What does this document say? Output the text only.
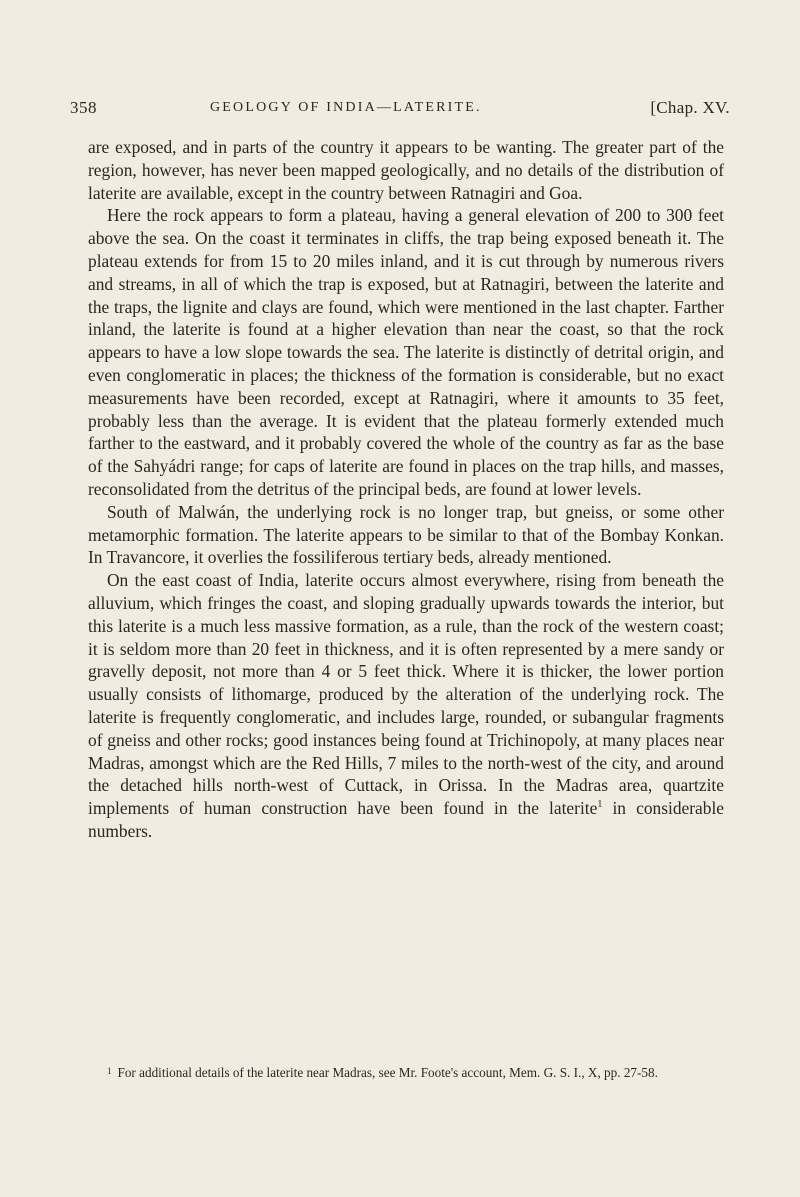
358	GEOLOGY OF INDIA—LATERITE.	[Chap. XV.

are exposed, and in parts of the country it appears to be wanting. The greater part of the region, however, has never been mapped geologically, and no details of the distribution of laterite are available, except in the country between Ratnagiri and Goa.

Here the rock appears to form a plateau, having a general elevation of 200 to 300 feet above the sea. On the coast it terminates in cliffs, the trap being exposed beneath it. The plateau extends for from 15 to 20 miles inland, and it is cut through by numerous rivers and streams, in all of which the trap is exposed, but at Ratnagiri, between the laterite and the traps, the lignite and clays are found, which were mentioned in the last chapter. Farther inland, the laterite is found at a higher elevation than near the coast, so that the rock appears to have a low slope towards the sea. The laterite is distinctly of detrital origin, and even conglomeratic in places; the thickness of the formation is considerable, but no exact measurements have been recorded, except at Ratnagiri, where it amounts to 35 feet, probably less than the average. It is evident that the plateau formerly extended much farther to the eastward, and it probably covered the whole of the country as far as the base of the Sahyádri range; for caps of laterite are found in places on the trap hills, and masses, reconsolidated from the detritus of the principal beds, are found at lower levels.

South of Malwán, the underlying rock is no longer trap, but gneiss, or some other metamorphic formation. The laterite appears to be similar to that of the Bombay Konkan. In Travancore, it overlies the fossiliferous tertiary beds, already mentioned.

On the east coast of India, laterite occurs almost everywhere, rising from beneath the alluvium, which fringes the coast, and sloping gradually upwards towards the interior, but this laterite is a much less massive formation, as a rule, than the rock of the western coast; it is seldom more than 20 feet in thickness, and it is often represented by a mere sandy or gravelly deposit, not more than 4 or 5 feet thick. Where it is thicker, the lower portion usually consists of lithomarge, produced by the alteration of the underlying rock. The laterite is frequently conglomeratic, and includes large, rounded, or subangular fragments of gneiss and other rocks; good instances being found at Trichinopoly, at many places near Madras, amongst which are the Red Hills, 7 miles to the north-west of the city, and around the detached hills north-west of Cuttack, in Orissa. In the Madras area, quartzite implements of human construction have been found in the laterite$^1$ in considerable numbers.

$^1$ For additional details of the laterite near Madras, see Mr. Foote's account, Mem. G. S. I., X, pp. 27-58.
